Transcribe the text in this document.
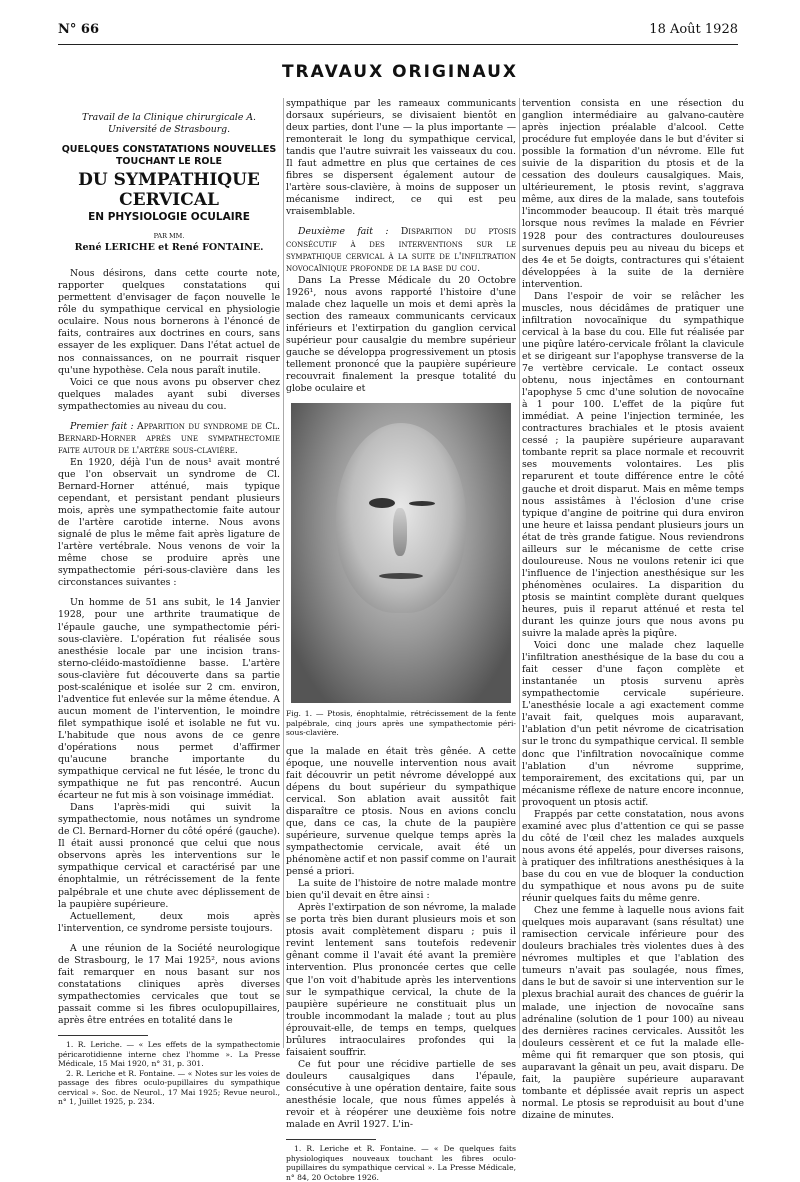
N° 66	18 Août 1928
TRAVAUX ORIGINAUX

Travail de la Clinique chirurgicale A.
Université de Strasbourg.

QUELQUES CONSTATATIONS NOUVELLES

TOUCHANT LE ROLE

DU SYMPATHIQUE CERVICAL

EN PHYSIOLOGIE OCULAIRE

PAR MM.

René LERICHE et René FONTAINE.

Nous désirons, dans cette courte note, rapporter quelques constatations qui permettent d'envisager de façon nouvelle le rôle du sympathique cervical en physiologie oculaire. Nous nous bornerons à l'énoncé de faits, contraires aux doctrines en cours, sans essayer de les expliquer. Dans l'état actuel de nos connaissances, on ne pourrait risquer qu'une hypothèse. Cela nous paraît inutile.

Voici ce que nous avons pu observer chez quelques malades ayant subi diverses sympathectomies au niveau du cou.

Premier fait : Apparition du syndrome de Cl. Bernard-Horner après une sympathectomie faite autour de l'artère sous-clavière.

En 1920, déjà l'un de nous¹ avait montré que l'on observait un syndrome de Cl. Bernard-Horner atténué, mais typique cependant, et persistant pendant plusieurs mois, après une sympathectomie faite autour de l'artère carotide interne. Nous avons signalé de plus le même fait après ligature de l'artère vertébrale. Nous venons de voir la même chose se produire après une sympathectomie péri-sous-clavière dans les circonstances suivantes :

Un homme de 51 ans subit, le 14 Janvier 1928, pour une arthrite traumatique de l'épaule gauche, une sympathectomie péri-sous-clavière. L'opération fut réalisée sous anesthésie locale par une incision trans-sterno-cléido-mastoïdienne basse. L'artère sous-clavière fut découverte dans sa partie post-scalénique et isolée sur 2 cm. environ, l'adventice fut enlevée sur la même étendue. A aucun moment de l'intervention, le moindre filet sympathique isolé et isolable ne fut vu. L'habitude que nous avons de ce genre d'opérations nous permet d'affirmer qu'aucune branche importante du sympathique cervical ne fut lésée, le tronc du sympathique ne fut pas rencontré. Aucun écarteur ne fut mis à son voisinage immédiat.

Dans l'après-midi qui suivit la sympathectomie, nous notâmes un syndrome de Cl. Bernard-Horner du côté opéré (gauche). Il était aussi prononcé que celui que nous observons après les interventions sur le sympathique cervical et caractérisé par une énophtalmie, un rétrécissement de la fente palpébrale et une chute avec déplissement de la paupière supérieure.

Actuellement, deux mois après l'intervention, ce syndrome persiste toujours.

A une réunion de la Société neurologique de Strasbourg, le 17 Mai 1925², nous avions fait remarquer en nous basant sur nos constatations cliniques après diverses sympathectomies cervicales que tout se passait comme si les fibres oculopupillaires, après être entrées en totalité dans le

1. R. Leriche. — « Les effets de la sympathectomie péricarotidienne interne chez l'homme ». La Presse Médicale, 15 Mai 1920, n° 31, p. 301.

2. R. Leriche et R. Fontaine. — « Notes sur les voies de passage des fibres oculo-pupillaires du sympathique cervical ». Soc. de Neurol., 17 Mai 1925; Revue neurol., n° 1, Juillet 1925, p. 234.

sympathique par les rameaux communicants dorsaux supérieurs, se divisaient bientôt en deux parties, dont l'une — la plus importante — remonterait le long du sympathique cervical, tandis que l'autre suivrait les vaisseaux du cou. Il faut admettre en plus que certaines de ces fibres se dispersent également autour de l'artère sous-clavière, à moins de supposer un mécanisme indirect, ce qui est peu vraisemblable.

Deuxième fait : Disparition du ptosis consécutif à des interventions sur le sympathique cervical à la suite de l'infiltration novocaïnique profonde de la base du cou.

Dans La Presse Médicale du 20 Octobre 1926¹, nous avons rapporté l'histoire d'une malade chez laquelle un mois et demi après la section des rameaux communicants cervicaux inférieurs et l'extirpation du ganglion cervical supérieur pour causalgie du membre supérieur gauche se développa progressivement un ptosis tellement prononcé que la paupière supérieure recouvrait finalement la presque totalité du globe oculaire et

Fig. 1. — Ptosis, énophtalmie, rétrécissement de la fente palpébrale, cinq jours après une sympathectomie péri-sous-clavière.

que la malade en était très gênée. A cette époque, une nouvelle intervention nous avait fait découvrir un petit névrome développé aux dépens du bout supérieur du sympathique cervical. Son ablation avait aussitôt fait disparaître ce ptosis. Nous en avions conclu que, dans ce cas, la chute de la paupière supérieure, survenue quelque temps après la sympathectomie cervicale, avait été un phénomène actif et non passif comme on l'aurait pensé a priori.

La suite de l'histoire de notre malade montre bien qu'il devait en être ainsi :

Après l'extirpation de son névrome, la malade se porta très bien durant plusieurs mois et son ptosis avait complètement disparu ; puis il revint lentement sans toutefois redevenir gênant comme il l'avait été avant la première intervention. Plus prononcée certes que celle que l'on voit d'habitude après les interventions sur le sympathique cervical, la chute de la paupière supérieure ne constituait plus un trouble incommodant la malade ; tout au plus éprouvait-elle, de temps en temps, quelques brûlures intraoculaires profondes qui la faisaient souffrir.

Ce fut pour une récidive partielle de ses douleurs causalgiques dans l'épaule, consécutive à une opération dentaire, faite sous anesthésie locale, que nous fûmes appelés à revoir et à réopérer une deuxième fois notre malade en Avril 1927. L'in-

1. R. Leriche et R. Fontaine. — « De quelques faits physiologiques nouveaux touchant les fibres oculo-pupillaires du sympathique cervical ». La Presse Médicale, n° 84, 20 Octobre 1926.

tervention consista en une résection du ganglion intermédiaire au galvano-cautère après injection préalable d'alcool. Cette procédure fut employée dans le but d'éviter si possible la formation d'un névrome. Elle fut suivie de la disparition du ptosis et de la cessation des douleurs causalgiques. Mais, ultérieurement, le ptosis revint, s'aggrava même, aux dires de la malade, sans toutefois l'incommoder beaucoup. Il était très marqué lorsque nous revîmes la malade en Février 1928 pour des contractures douloureuses survenues depuis peu au niveau du biceps et des 4e et 5e doigts, contractures qui s'étaient développées à la suite de la dernière intervention.

Dans l'espoir de voir se relâcher les muscles, nous décidâmes de pratiquer une infiltration novocaïnique du sympathique cervical à la base du cou. Elle fut réalisée par une piqûre latéro-cervicale frôlant la clavicule et se dirigeant sur l'apophyse transverse de la 7e vertèbre cervicale. Le contact osseux obtenu, nous injectâmes en contournant l'apophyse 5 cmc d'une solution de novocaïne à 1 pour 100. L'effet de la piqûre fut immédiat. A peine l'injection terminée, les contractures brachiales et le ptosis avaient cessé ; la paupière supérieure auparavant tombante reprit sa place normale et recouvrit ses mouvements volontaires. Les plis reparurent et toute différence entre le côté gauche et droit disparut. Mais en même temps nous assistâmes à l'éclosion d'une crise typique d'angine de poitrine qui dura environ une heure et laissa pendant plusieurs jours un état de très grande fatigue. Nous reviendrons ailleurs sur le mécanisme de cette crise douloureuse. Nous ne voulons retenir ici que l'influence de l'injection anesthésique sur les phénomènes oculaires. La disparition du ptosis se maintint complète durant quelques heures, puis il reparut atténué et resta tel durant les quinze jours que nous avons pu suivre la malade après la piqûre.

Voici donc une malade chez laquelle l'infiltration anesthésique de la base du cou a fait cesser d'une façon complète et instantanée un ptosis survenu après sympathectomie cervicale supérieure. L'anesthésie locale a agi exactement comme l'avait fait, quelques mois auparavant, l'ablation d'un petit névrome de cicatrisation sur le tronc du sympathique cervical. Il semble donc que l'infiltration novocaïnique comme l'ablation d'un névrome supprime, temporairement, des excitations qui, par un mécanisme réflexe de nature encore inconnue, provoquent un ptosis actif.

Frappés par cette constatation, nous avons examiné avec plus d'attention ce qui se passe du côté de l'œil chez les malades auxquels nous avons été appelés, pour diverses raisons, à pratiquer des infiltrations anesthésiques à la base du cou en vue de bloquer la conduction du sympathique et nous avons pu de suite réunir quelques faits du même genre.

Chez une femme à laquelle nous avions fait quelques mois auparavant (sans résultat) une ramisection cervicale inférieure pour des douleurs brachiales très violentes dues à des névromes multiples et que l'ablation des tumeurs n'avait pas soulagée, nous fîmes, dans le but de savoir si une intervention sur le plexus brachial aurait des chances de guérir la malade, une injection de novocaïne sans adrénaline (solution de 1 pour 100) au niveau des dernières racines cervicales. Aussitôt les douleurs cessèrent et ce fut la malade elle-même qui fit remarquer que son ptosis, qui auparavant la gênait un peu, avait disparu. De fait, la paupière supérieure auparavant tombante et déplissée avait repris un aspect normal. Le ptosis se reproduisit au bout d'une dizaine de minutes.
